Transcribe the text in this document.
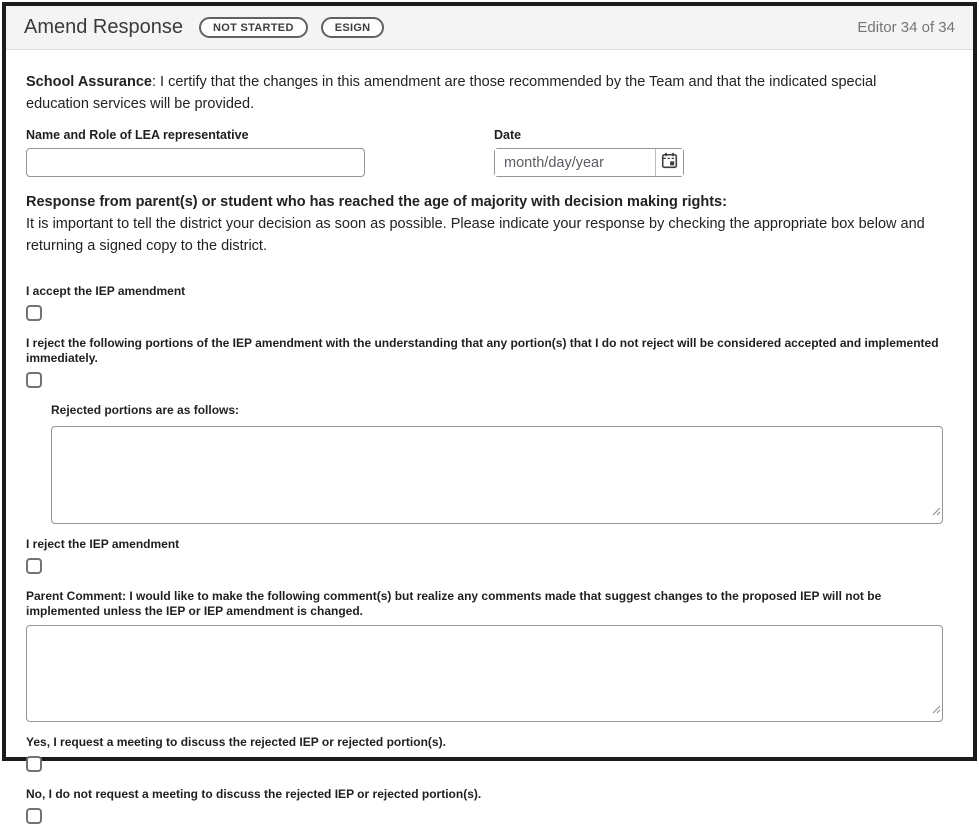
Amend Response	NOT STARTED	ESIGN	Editor 34 of 34

School Assurance: I certify that the changes in this amendment are those recommended by the Team and that the indicated special education services will be provided.

Name and Role of LEA representative	Date
month/day/year
Response from parent(s) or student who has reached the age of majority with decision making rights:

It is important to tell the district your decision as soon as possible. Please indicate your response by checking the appropriate box below and returning a signed copy to the district.

I accept the IEP amendment
I reject the following portions of the IEP amendment with the understanding that any portion(s) that I do not reject will be considered accepted and implemented immediately.
Rejected portions are as follows:
I reject the IEP amendment
Parent Comment: I would like to make the following comment(s) but realize any comments made that suggest changes to the proposed IEP will not be implemented unless the IEP or IEP amendment is changed.
Yes, I request a meeting to discuss the rejected IEP or rejected portion(s).
No, I do not request a meeting to discuss the rejected IEP or rejected portion(s).
